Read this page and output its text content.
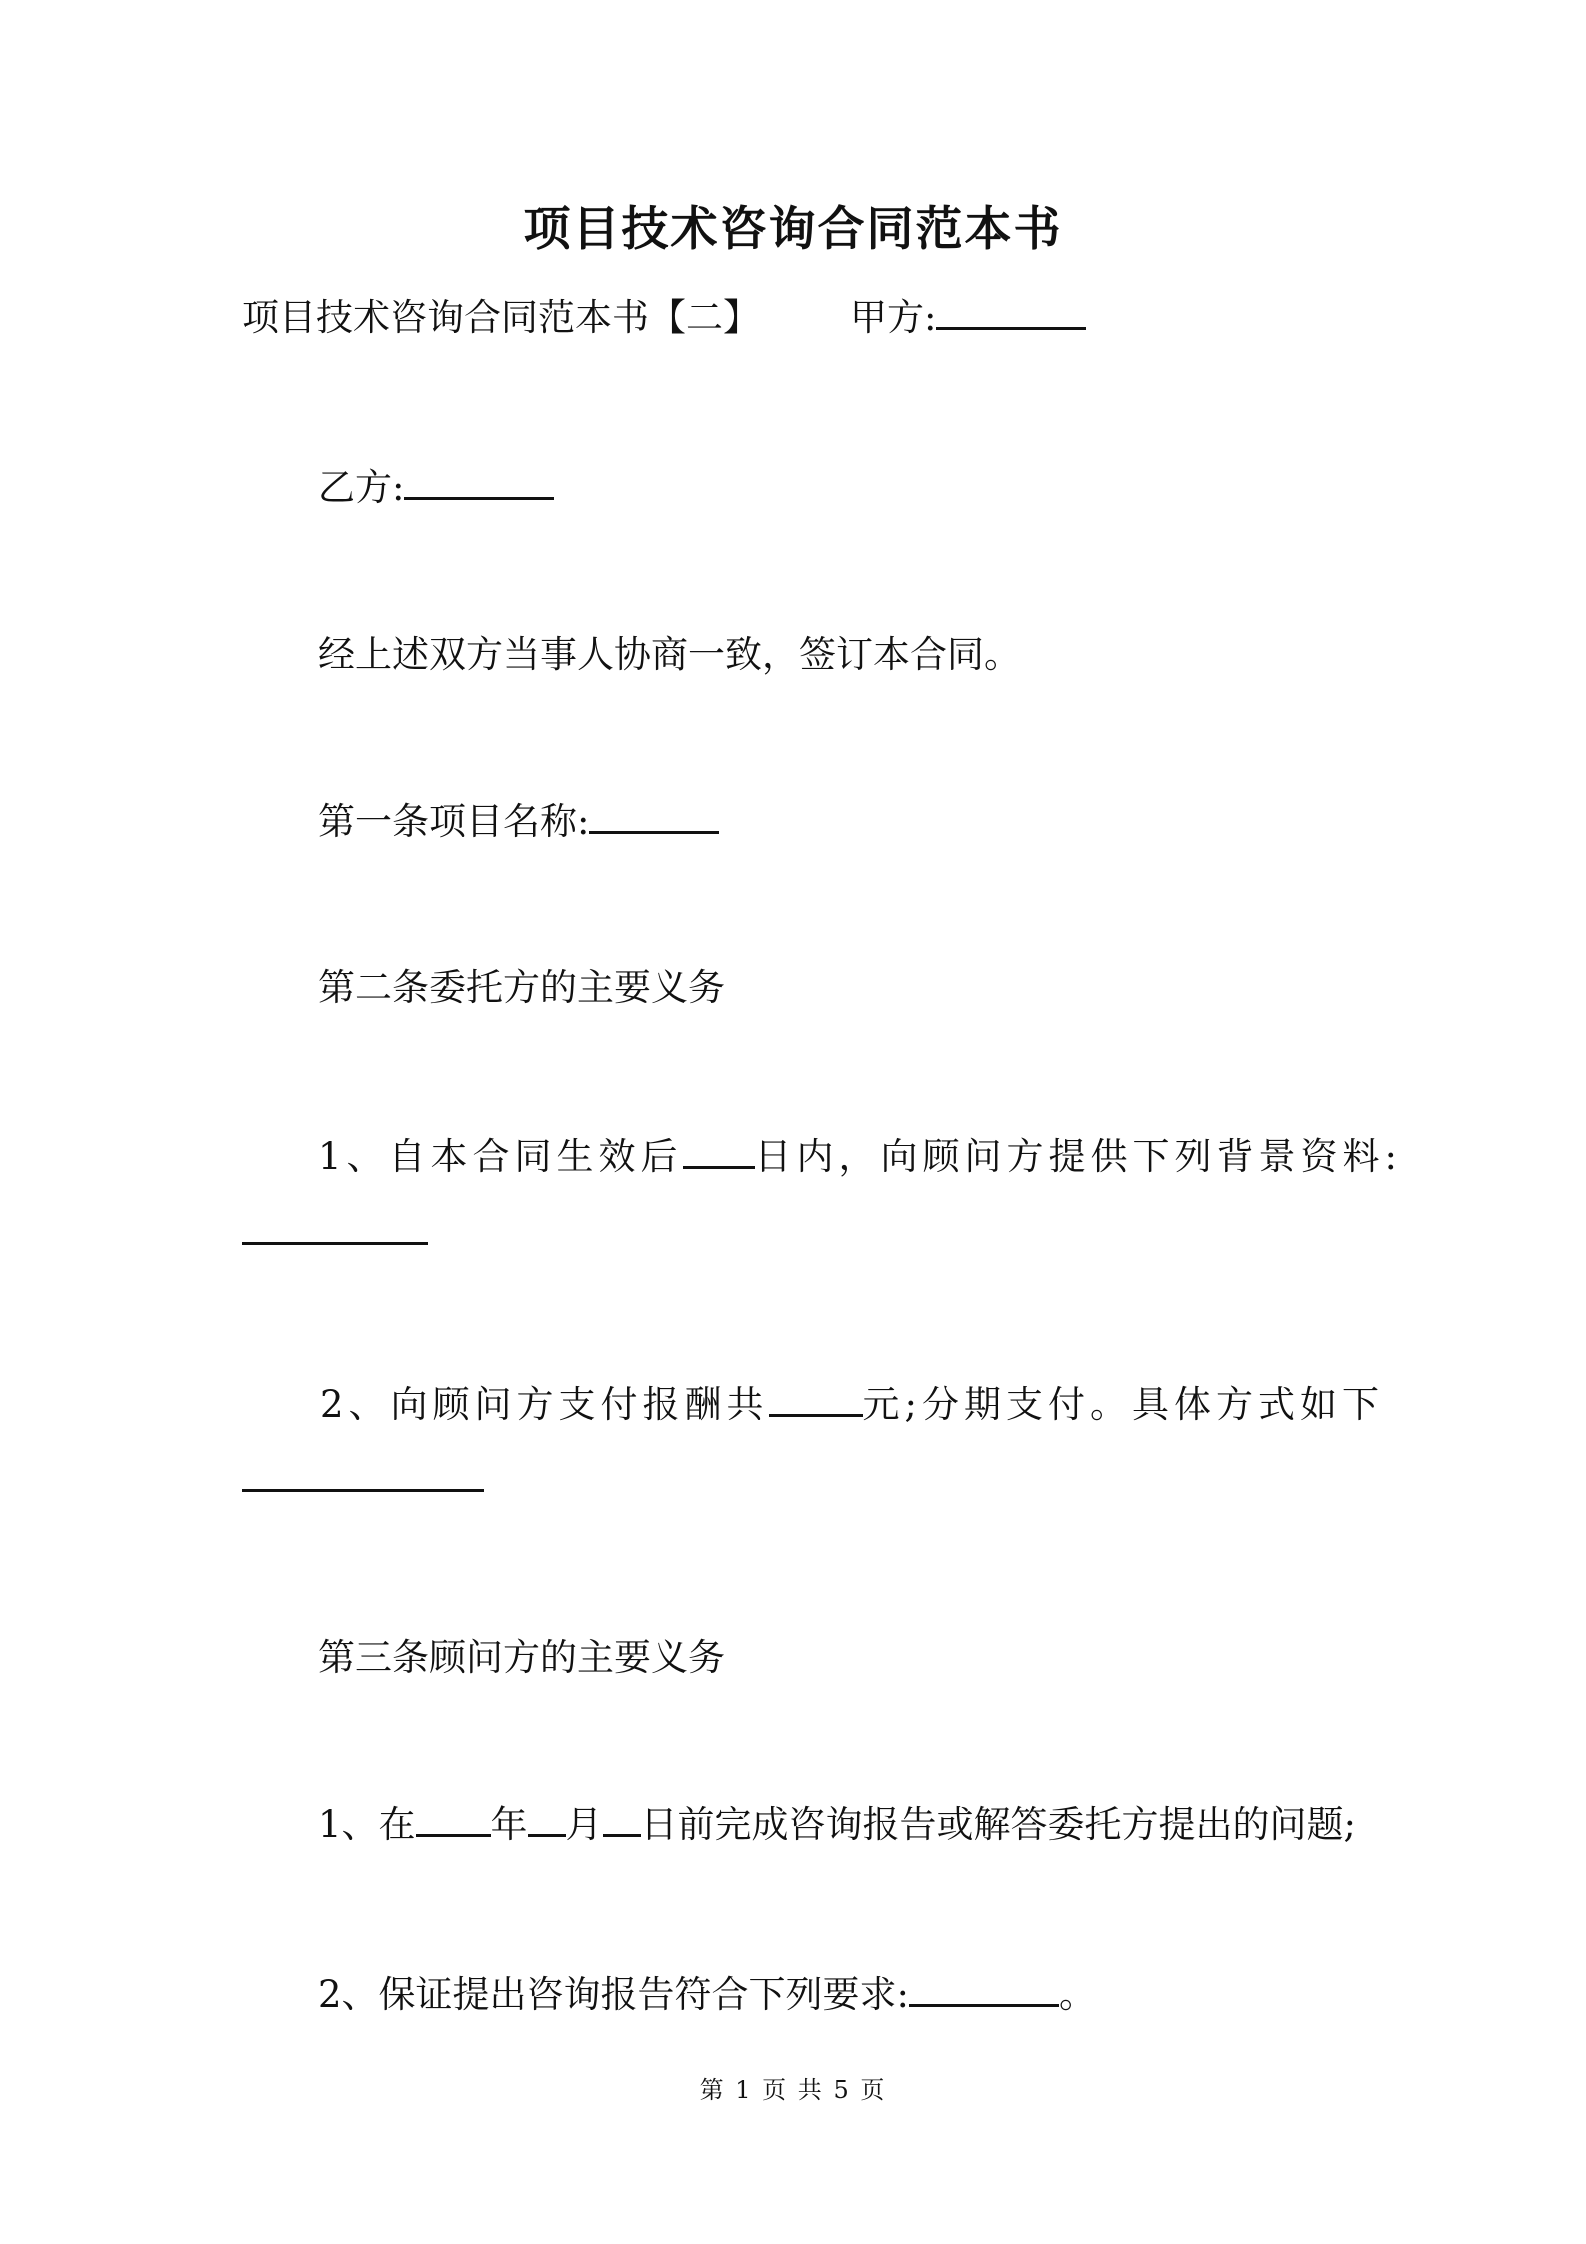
项目技术咨询合同范本书
项目技术咨询合同范本书【二】 甲方:
乙方:
经上述双方当事人协商一致，签订本合同。
第一条项目名称:
第二条委托方的主要义务
1、自本合同生效后 日内，向顾问方提供下列背景资料:
2、向顾问方支付报酬共	元;分期支付。具体方式如下
第三条顾问方的主要义务
1、在 年 月 日前完成咨询报告或解答委托方提出的问题;
2、保证提出咨询报告符合下列要求:	。
第 1 页 共 5 页
